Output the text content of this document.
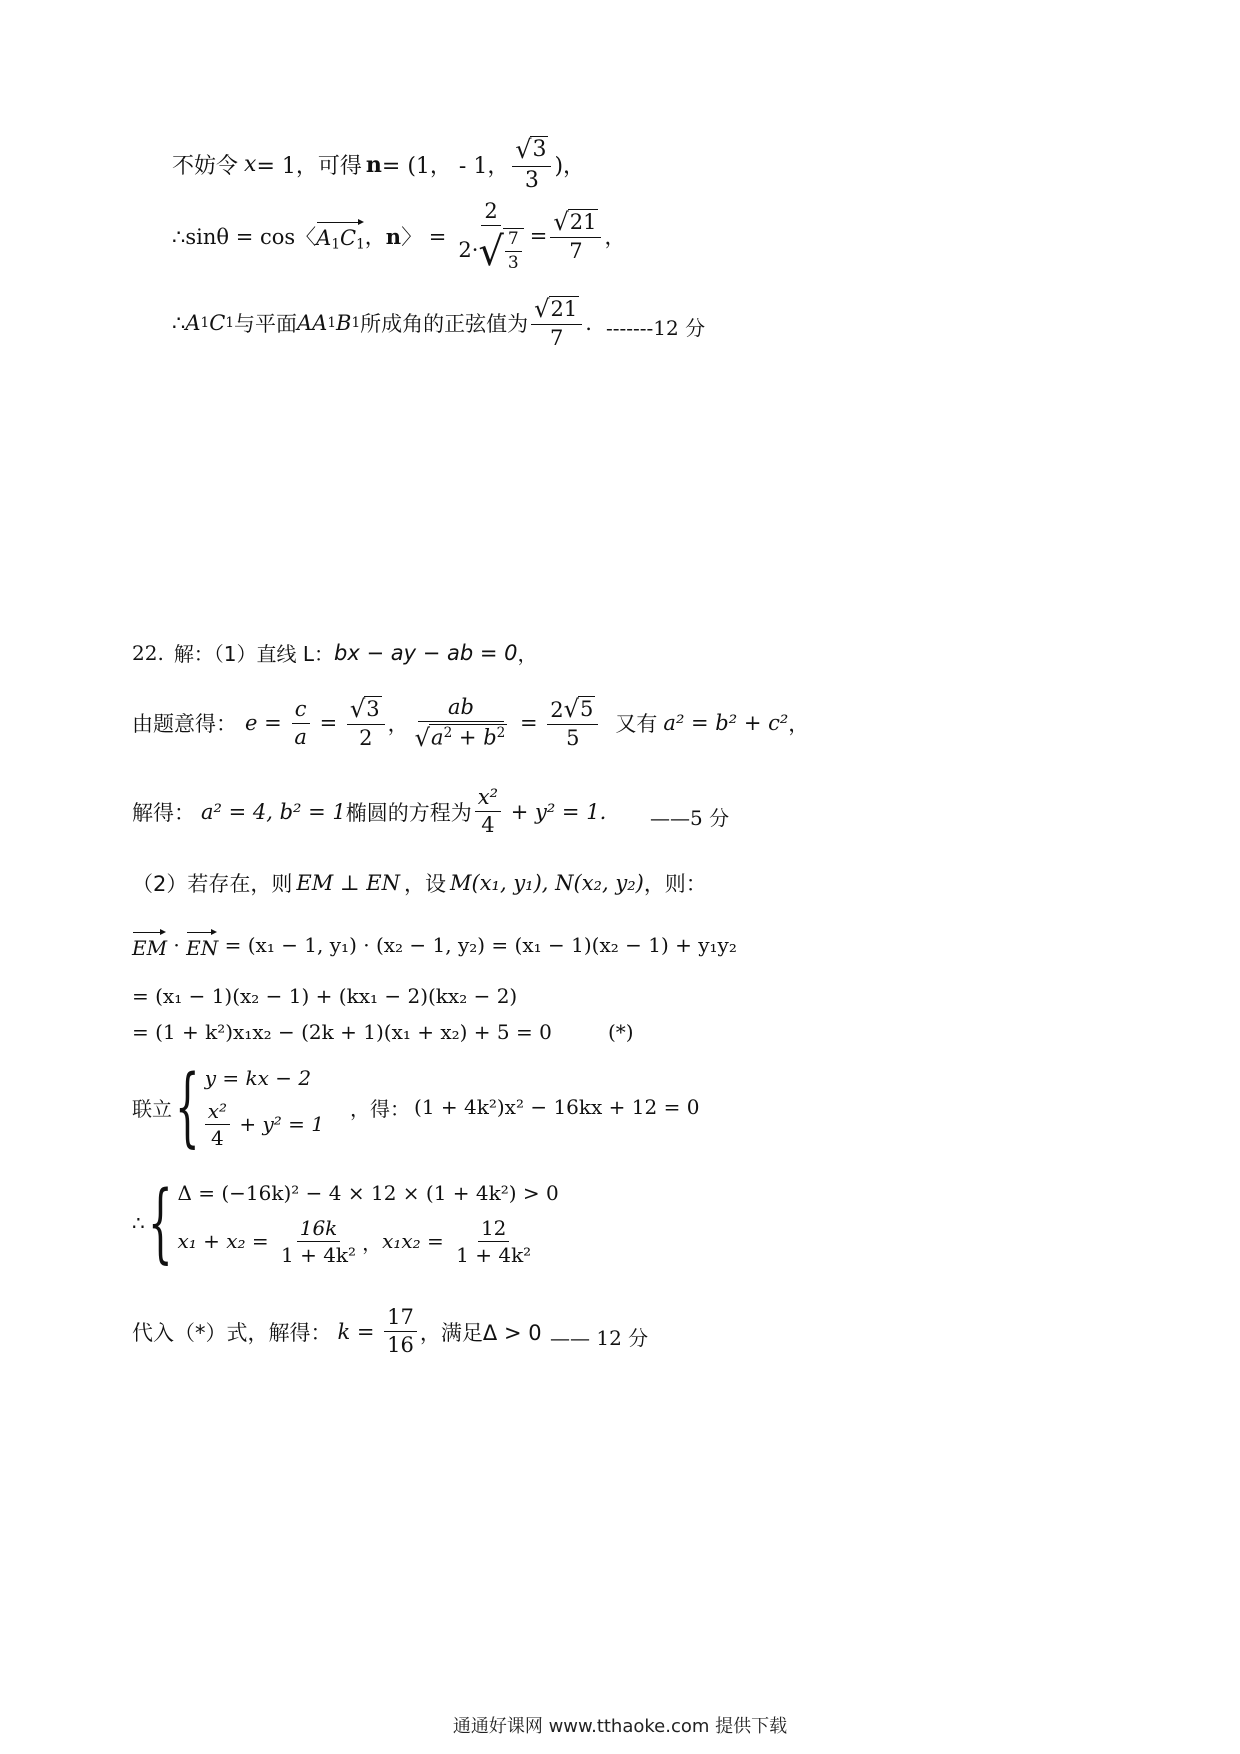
不妨令 x = 1， 可得 n = (1， - 1， $\frac{√ 3}{3}$ )，
∴sinθ = cos〈 $A_1C_1$ ， n 〉 = $\frac{2}{2\cdot √ \frac{7}{3}} = \frac{√ 21}{7}$ ，
∴ A 1 C 1 与平面 AA 1 B 1 所成角的正弦值为 $\frac{√ 21}{7}$ . -------12 分
22. 解：（1）直线 L： bx − ay − ab = 0 ，
由题意得： $e = \frac{c}{a} = \frac{√ 3}{2}$ ， $\frac{ab}{√ a^2 + b^2} = \frac{2 √ 5}{5}$ 又有 a² = b² + c² ，
解得： a² = 4, b² = 1 椭圆的方程为 $\frac{\text{x²}}{4} + y^2 = 1$. ——5 分
（2）若存在，则 EM ⊥ EN ，设 M(x₁, y₁), N(x₂, y₂) ，则：
EM · EN = (x₁ − 1, y₁) · (x₂ − 1, y₂) = (x₁ − 1)(x₂ − 1) + y₁y₂
= (x₁ − 1)(x₂ − 1) + (kx₁ − 2)(kx₂ − 2)
= (1 + k²)x₁x₂ − (2k + 1)(x₁ + x₂) + 5 = 0	(*)
联立 { y = kx − 2
$\frac{\text{x²}}{4} + y^2 = 1$
，得： (1 + 4k²)x² − 16kx + 12 = 0
∴ { Δ = (−16k)² − 4 × 12 × (1 + 4k²) > 0
$x_1 + x_2 = \frac{16k}{\text{1 + 4k²}}$ ， $x_1x_2 = \frac{12}{\text{1 + 4k²}}$
代入（*）式，解得： $k = \frac{17}{16}$ ，满足Δ > 0 —— 12 分
通通好课网 www.tthaoke.com 提供下载
